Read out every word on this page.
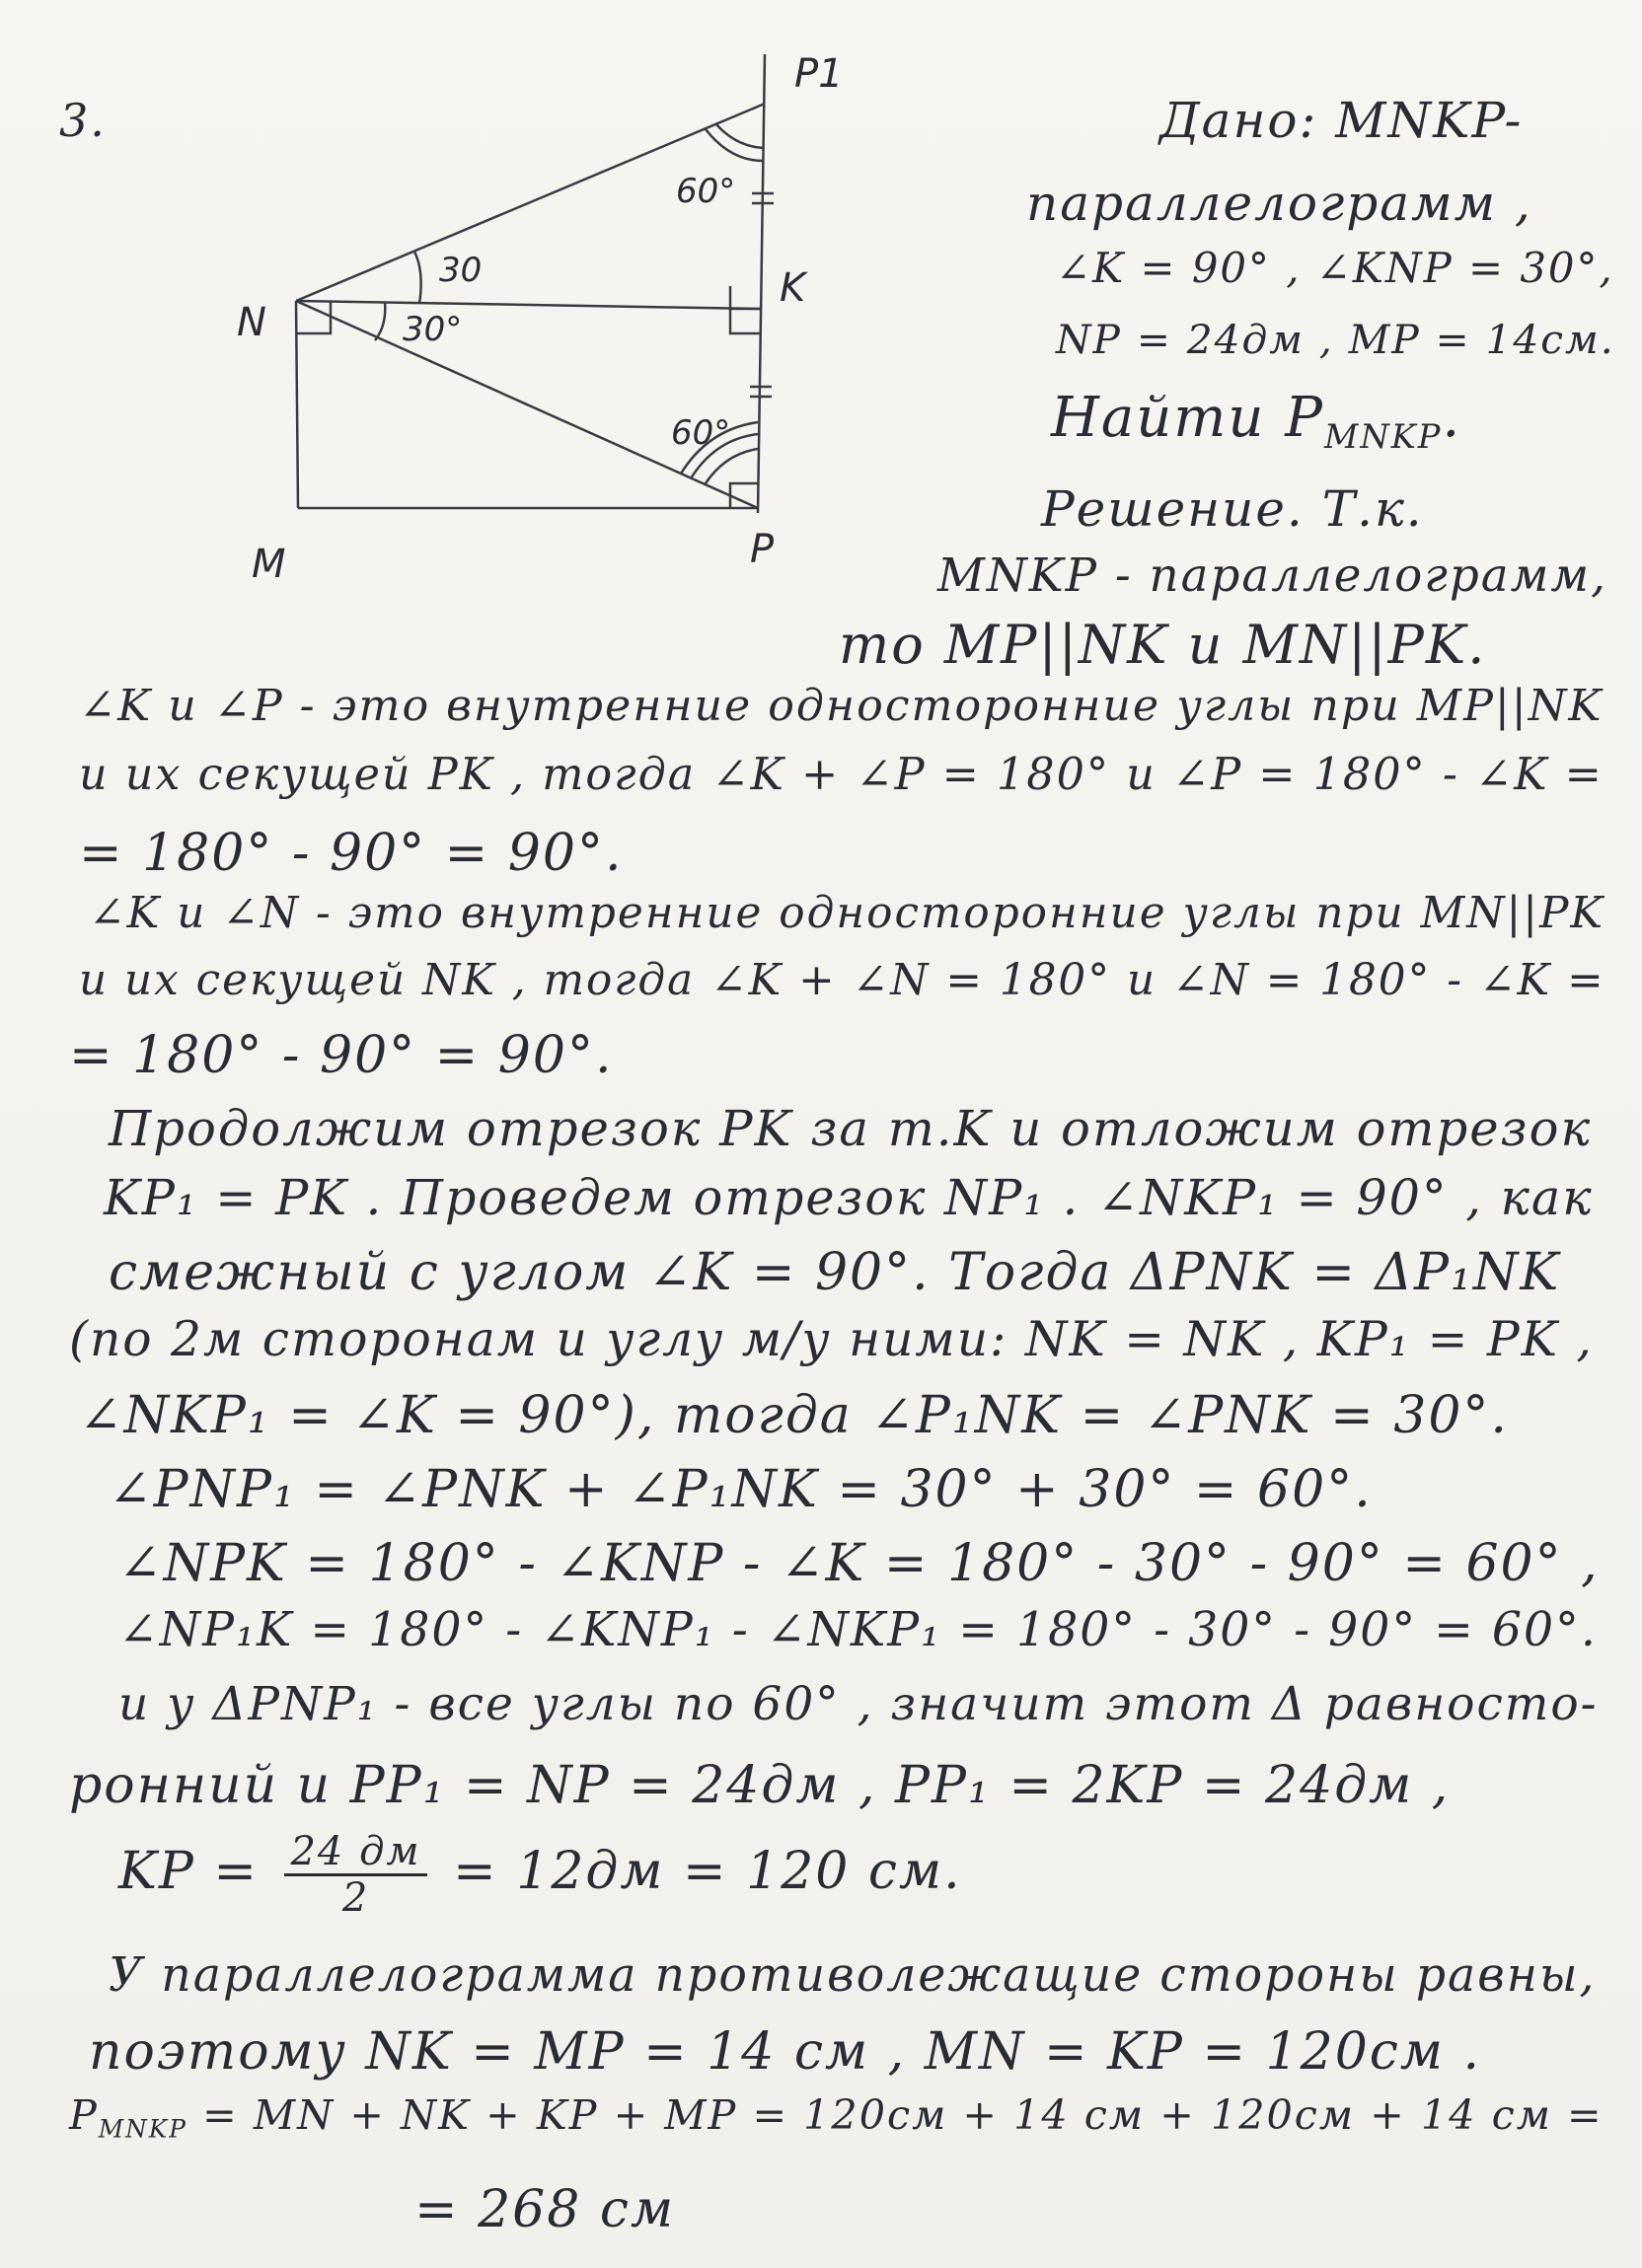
P1
K
N
M	P
60°
30
30°
60°
3.	Дано: MNKP-
параллелограмм ,
∠K = 90° , ∠KNP = 30°,
NP = 24дм , MP = 14см.
Найти $P_{MNKP}$.
Решение. Т.к.
MNKP - параллелограмм,
то MP||NK и MN||PK.
∠K и ∠P - это внутренние односторонние углы при MP||NK
и их секущей PK , тогда ∠K + ∠P = 180° и ∠P = 180° - ∠K =
= 180° - 90° = 90°.
∠K и ∠N - это внутренние односторонние углы при MN||PK
и их секущей NK , тогда ∠K + ∠N = 180° и ∠N = 180° - ∠K =
= 180° - 90° = 90°.
Продолжим отрезок PK за т.K и отложим отрезок
KP₁ = PK . Проведем отрезок NP₁ . ∠NKP₁ = 90° , как
смежный с углом ∠K = 90°. Тогда ΔPNK = ΔP₁NK
(по 2м сторонам и углу м/у ними: NK = NK , KP₁ = PK ,
∠NKP₁ = ∠K = 90°), тогда ∠P₁NK = ∠PNK = 30°.
∠PNP₁ = ∠PNK + ∠P₁NK = 30° + 30° = 60°.
∠NPK = 180° - ∠KNP - ∠K = 180° - 30° - 90° = 60° ,
∠NP₁K = 180° - ∠KNP₁ - ∠NKP₁ = 180° - 30° - 90° = 60°.
и у ΔPNP₁ - все углы по 60° , значит этот Δ равносто-
ронний и PP₁ = NP = 24дм , PP₁ = 2KP = 24дм ,
KP = 24 дм
2	= 12дм = 120 см.
У параллелограмма противолежащие стороны равны,
поэтому NK = MP = 14 см , MN = KP = 120см .
$P_{MNKP}$ = MN + NK + KP + MP = 120см + 14 см + 120см + 14 см =
= 268 см
